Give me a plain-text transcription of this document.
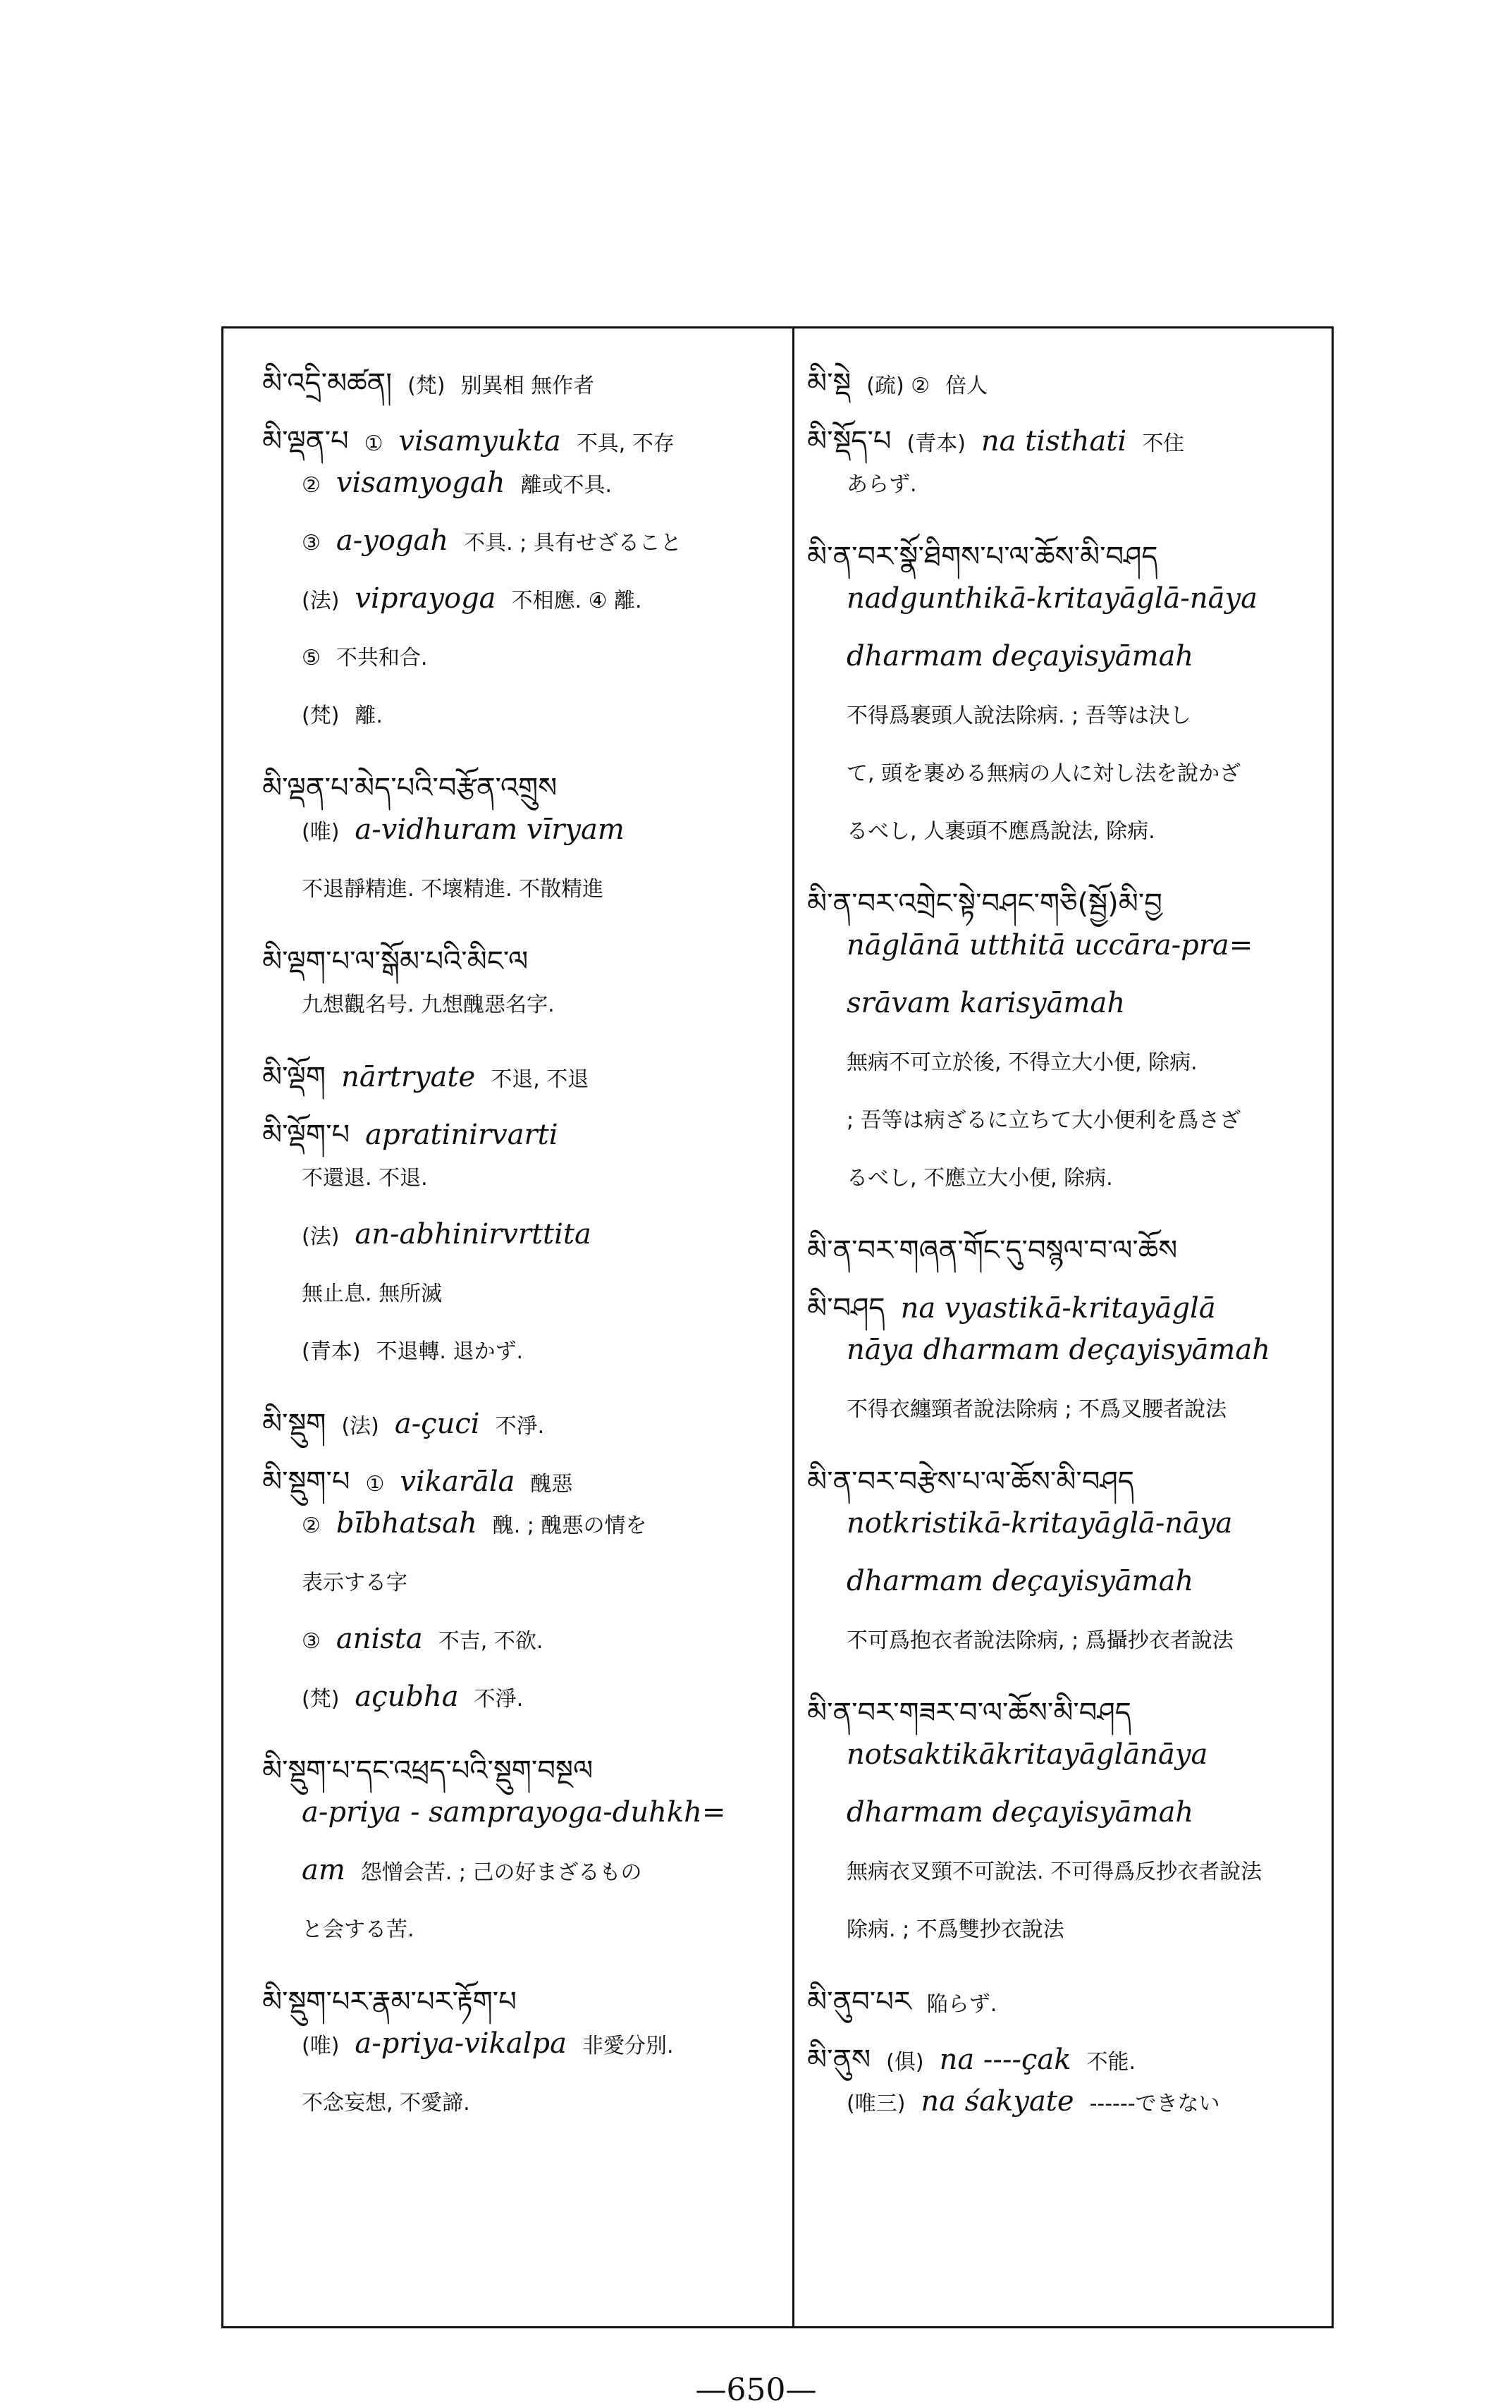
མི་འདྲི་མཚན། (梵) 别異相 無作者
མི་ལྡན་པ ① visamyukta 不具, 不存
② visamyogah 離或不具.
③ a-yogah 不具. ; 具有せざること
(法) viprayoga 不相應. ④ 離.
⑤ 不共和合.
(梵) 離.
མི་ལྡན་པ་མེད་པའི་བརྩོན་འགྲུས
(唯) a-vidhuram vīryam
不退靜精進. 不壞精進. 不散精進
མི་ལྡག་པ་ལ་སྒོམ་པའི་མིང་ལ
九想觀名号. 九想醜惡名字.
མི་ལྡོག nārtryate 不退, 不退
མི་ལྡོག་པ apratinirvarti
不還退. 不退.
(法) an-abhinirvrttita
無止息. 無所滅
(青本) 不退轉. 退かず.
མི་སྡུག (法) a-çuci 不淨.
མི་སྡུག་པ ① vikarāla 醜惡
② bībhatsah 醜. ; 醜悪の情を
表示する字
③ anista 不吉, 不欲.
(梵) açubha 不淨.
མི་སྡུག་པ་དང་འཕྲད་པའི་སྡུག་བསྔལ
a-priya - samprayoga-duhkh=
am 怨憎会苦. ; 己の好まざるもの
と会する苦.
མི་སྡུག་པར་རྣམ་པར་རྟོག་པ
(唯) a-priya-vikalpa 非愛分別.
不念妄想, 不愛諦.
མི་སྡེ (疏) ② 倍人
མི་སྡོད་པ (青本) na tisthati 不住
あらず.
མི་ན་བར་སྣོ་ཐིགས་པ་ལ་ཆོས་མི་བཤད
nadgunthikā-kritayāglā-nāya
dharmam deçayisyāmah
不得爲裹頭人說法除病. ; 吾等は決し
て, 頭を裹める無病の人に対し法を說かざ
るべし, 人裹頭不應爲說法, 除病.
མི་ན་བར་འགྲེང་སྟེ་བཤང་གཅི(སྦྱོ)མི་བྱ
nāglānā utthitā uccāra-pra=
srāvam karisyāmah
無病不可立於後, 不得立大小便, 除病.
; 吾等は病ざるに立ちて大小便利を爲さざ
るべし, 不應立大小便, 除病.
མི་ན་བར་གཞན་གོང་དུ་བསྙལ་བ་ལ་ཆོས
མི་བཤད na vyastikā-kritayāglā
nāya dharmam deçayisyāmah
不得衣纏頸者說法除病 ; 不爲叉腰者說法
མི་ན་བར་བརྩེས་པ་ལ་ཆོས་མི་བཤད
notkristikā-kritayāglā-nāya
dharmam deçayisyāmah
不可爲抱衣者說法除病, ; 爲攝抄衣者說法
མི་ན་བར་གཟར་བ་ལ་ཆོས་མི་བཤད
notsaktikākritayāglānāya
dharmam deçayisyāmah
無病衣叉頸不可說法. 不可得爲反抄衣者說法
除病. ; 不爲雙抄衣說法
མི་ནུབ་པར 陥らず.
མི་ནུས (俱) na ----çak 不能.
(唯三) na śakyate ------できない
—650—
